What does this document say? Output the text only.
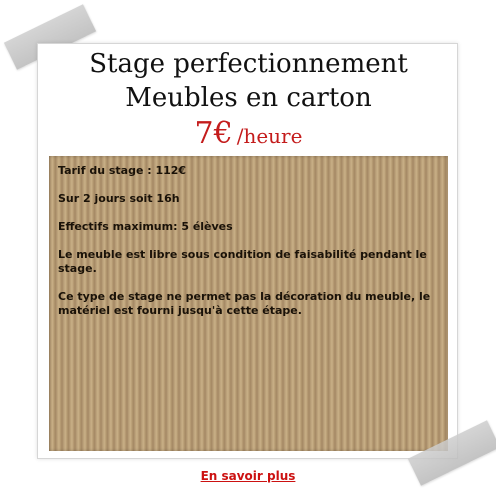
Stage perfectionnement
Meubles en carton
7€ /heure

Tarif du stage : 112€

Sur 2 jours soit 16h

Effectifs maximum: 5 élèves

Le meuble est libre sous condition de faisabilité pendant le stage.

Ce type de stage ne permet pas la décoration du meuble, le matériel est fourni jusqu'à cette étape.

En savoir plus
